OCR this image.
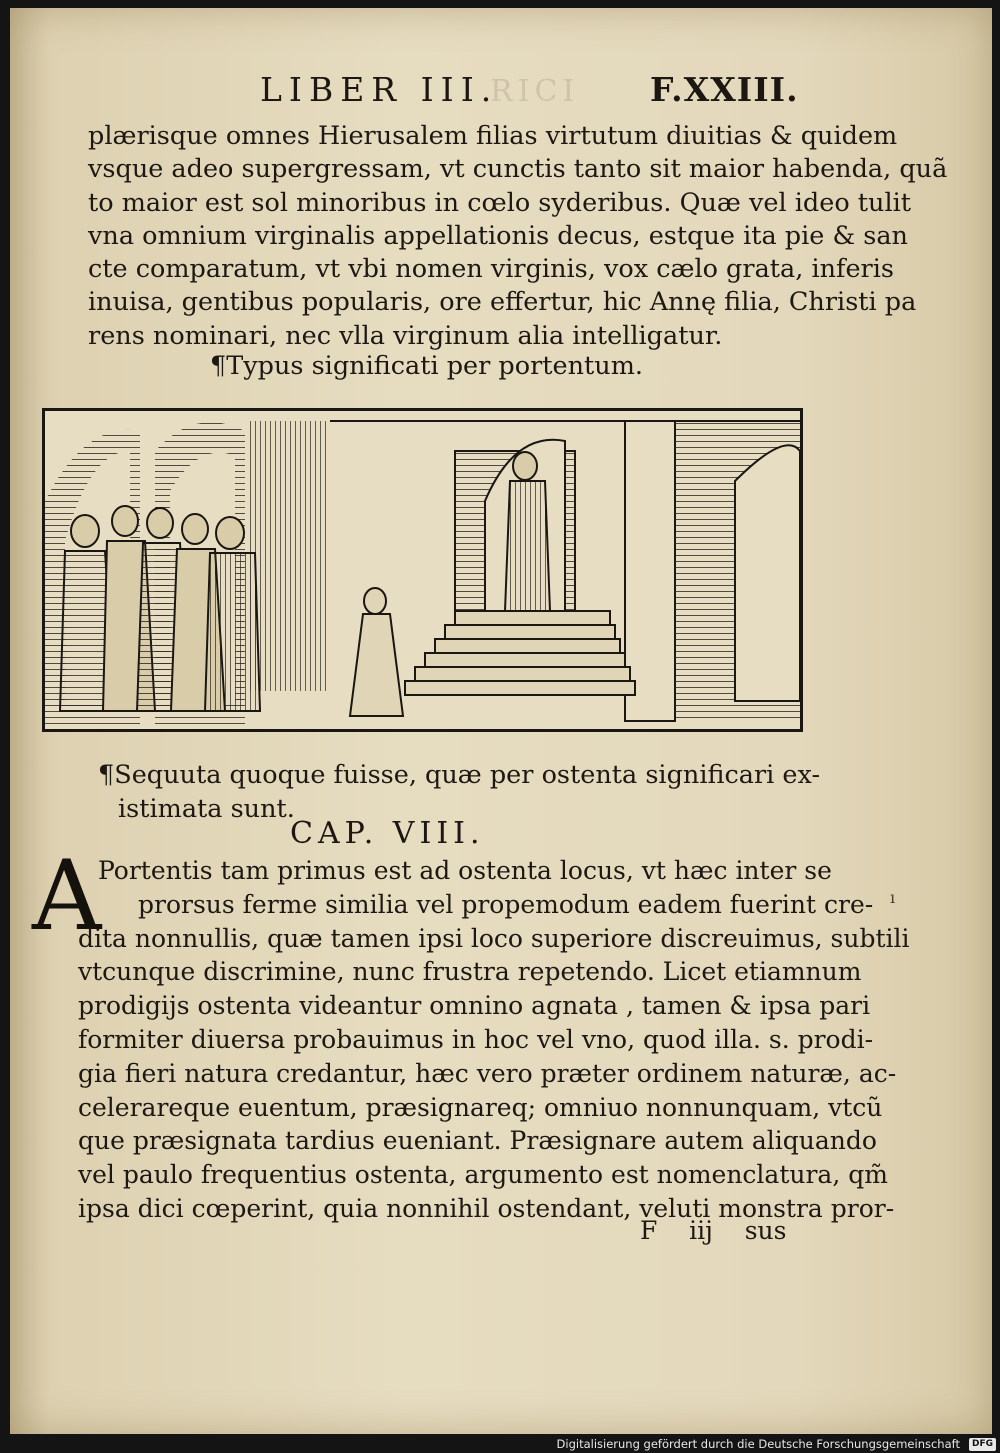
RICI
LIBER III.	F.XXIII.
plærisque omnes Hierusalem filias virtutum diuitias & quidem
vsque adeo supergressam, vt cunctis tanto sit maior habenda, quã
to maior est sol minoribus in cœlo syderibus. Quæ vel ideo tulit
vna omnium virginalis appellationis decus, estque ita pie & san
cte comparatum, vt vbi nomen virginis, vox cælo grata, inferis
inuisa, gentibus popularis, ore effertur, hic Annę filia, Christi pa
rens nominari, nec vlla virginum alia intelligatur.
¶Typus significati per portentum.
¶Sequuta quoque fuisse, quæ per ostenta significari ex-
istimata sunt.
CAP. VIII.
A
Portentis tam primus est ad ostenta locus, vt hæc inter se
prorsus ferme similia vel propemodum eadem fuerint cre-
dita nonnullis, quæ tamen ipsi loco superiore discreuimus, subtili
vtcunque discrimine, nunc frustra repetendo. Licet etiamnum
prodigijs ostenta videantur omnino agnata , tamen & ipsa pari
formiter diuersa probauimus in hoc vel vno, quod illa. s. prodi-
gia fieri natura credantur, hæc vero præter ordinem naturæ, ac-
celerareque euentum, præsignareq; omniuo nonnunquam, vtcũ
que præsignata tardius eueniant. Præsignare autem aliquando
vel paulo frequentius ostenta, argumento est nomenclatura, qm̃
ipsa dici cœperint, quia nonnihil ostendant, veluti monstra pror-
F iij sus
ı
Digitalisierung gefördert durch die Deutsche Forschungsgemeinschaft	DFG
